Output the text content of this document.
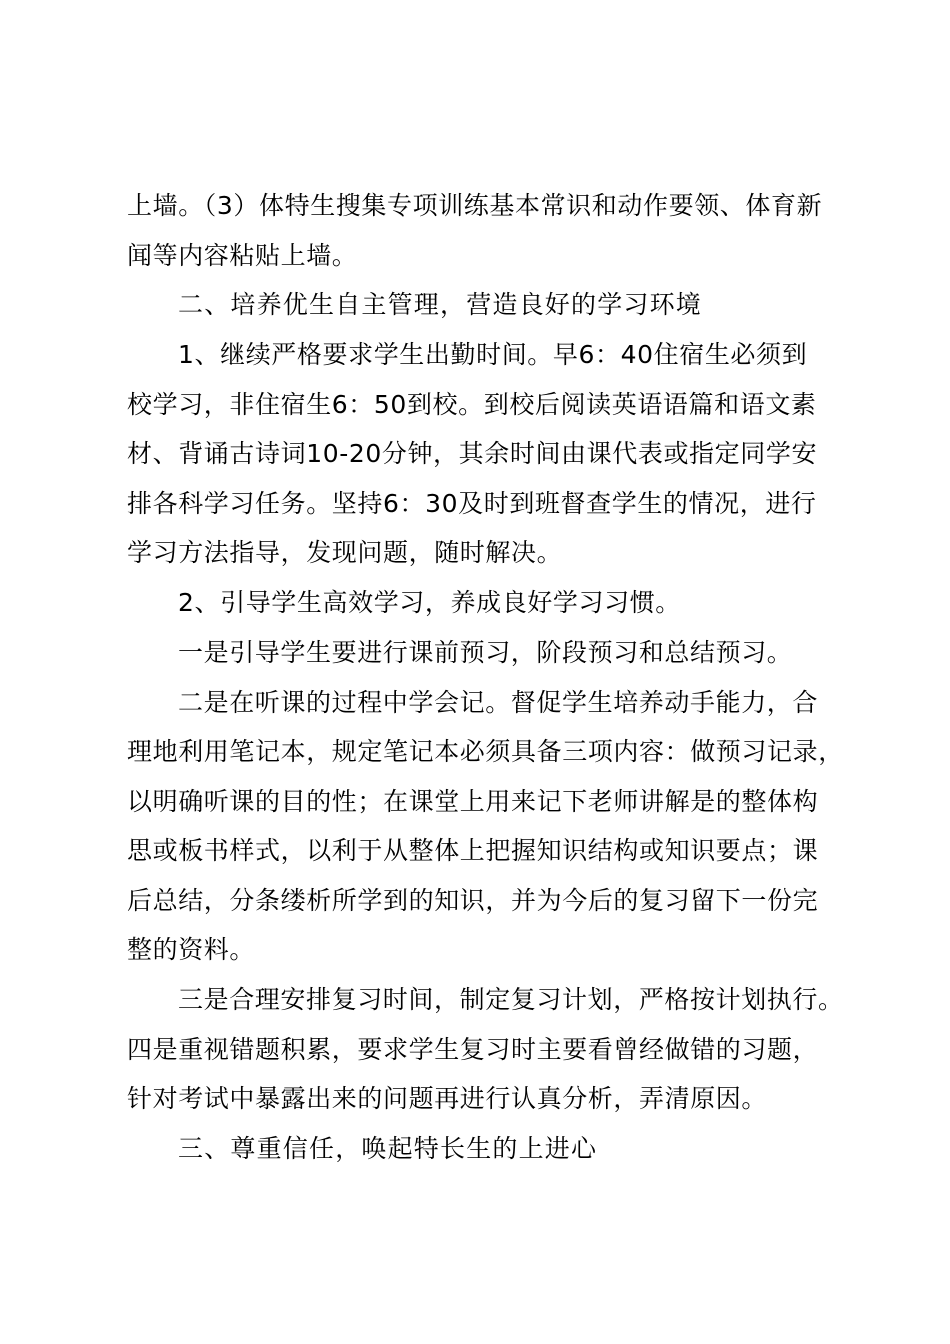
上墙。（3）体特生搜集专项训练基本常识和动作要领、体育新
闻等内容粘贴上墙。
二、培养优生自主管理，营造良好的学习环境
1、继续严格要求学生出勤时间。早6：40住宿生必须到
校学习，非住宿生6：50到校。到校后阅读英语语篇和语文素
材、背诵古诗词10-20分钟，其余时间由课代表或指定同学安
排各科学习任务。坚持6：30及时到班督查学生的情况，进行
学习方法指导，发现问题，随时解决。
2、引导学生高效学习，养成良好学习习惯。
一是引导学生要进行课前预习，阶段预习和总结预习。
二是在听课的过程中学会记。督促学生培养动手能力，合
理地利用笔记本，规定笔记本必须具备三项内容：做预习记录，
以明确听课的目的性；在课堂上用来记下老师讲解是的整体构
思或板书样式，以利于从整体上把握知识结构或知识要点；课
后总结，分条缕析所学到的知识，并为今后的复习留下一份完
整的资料。
三是合理安排复习时间，制定复习计划，严格按计划执行。
四是重视错题积累，要求学生复习时主要看曾经做错的习题，
针对考试中暴露出来的问题再进行认真分析，弄清原因。
三、尊重信任，唤起特长生的上进心
